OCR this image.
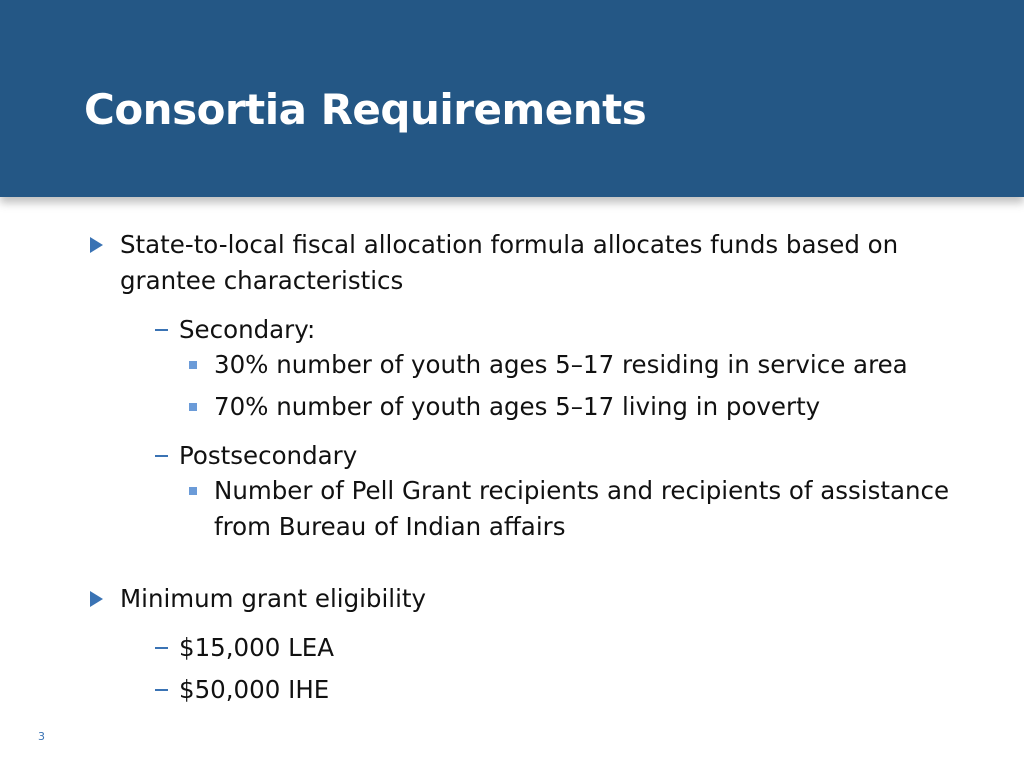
Consortia Requirements

State-to-local fiscal allocation formula allocates funds based on grantee characteristics

Secondary:

30% number of youth ages 5–17 residing in service area

70% number of youth ages 5–17 living in poverty

Postsecondary

Number of Pell Grant recipients and recipients of assistance from Bureau of Indian affairs

Minimum grant eligibility

$15,000 LEA

$50,000 IHE

3
